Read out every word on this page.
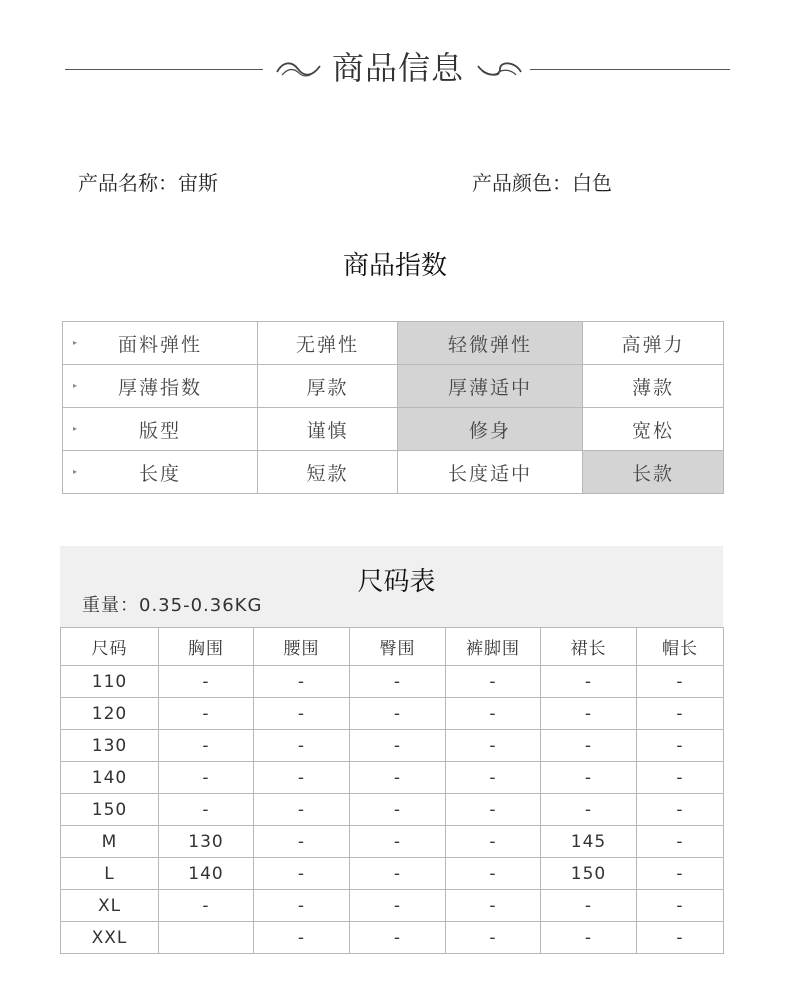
商品信息
产品名称：宙斯	产品颜色：白色
商品指数
▸ 面料弹性	无弹性	轻微弹性	高弹力

▸ 厚薄指数	厚款	厚薄适中	薄款

▸ 版型	谨慎	修身	宽松

▸ 长度	短款	长度适中	长款
尺码表
重量：0.35-0.36KG
尺码	胸围	腰围	臀围	裤脚围	裙长	帽长
110	-	-	-	-	-	-
120	-	-	-	-	-	-
130	-	-	-	-	-	-
140	-	-	-	-	-	-
150	-	-	-	-	-	-
M	130	-	-	-	145	-
L	140	-	-	-	150	-
XL	-	-	-	-	-	-
XXL		-	-	-	-	-
